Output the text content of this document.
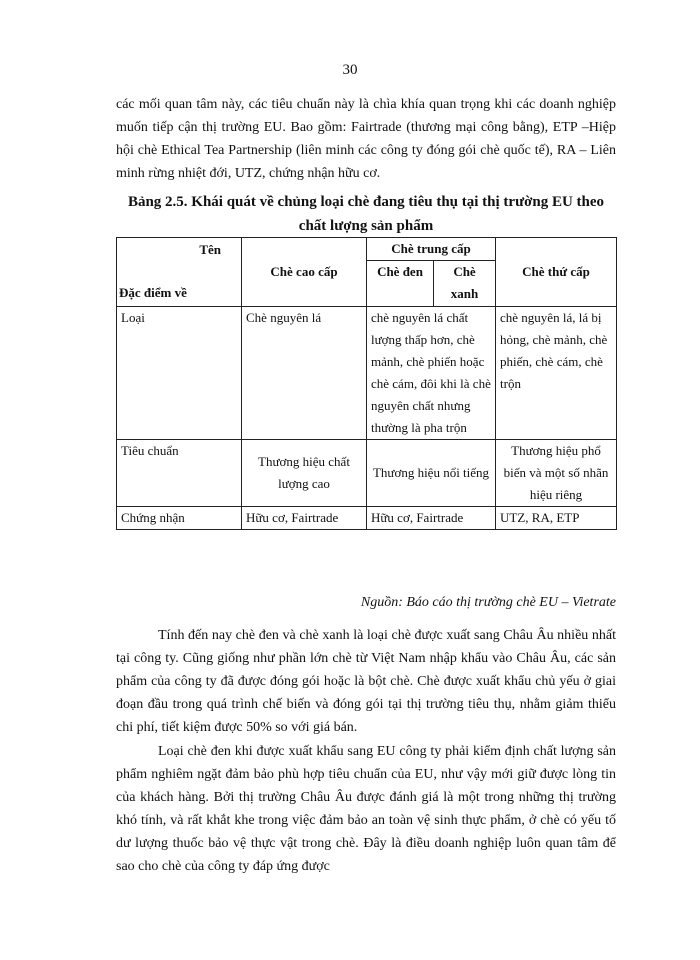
30

các mối quan tâm này, các tiêu chuẩn này là chìa khía quan trọng khi các doanh nghiệp muốn tiếp cận thị trường EU. Bao gồm: Fairtrade (thương mại công bằng), ETP –Hiệp hội chè Ethical Tea Partnership (liên minh các công ty đóng gói chè quốc tế), RA – Liên minh rừng nhiệt đới, UTZ, chứng nhận hữu cơ.

Bảng 2.5. Khái quát về chủng loại chè đang tiêu thụ tại thị trường EU theo chất lượng sản phẩm

Tên
Đặc điểm về	Chè cao cấp	Chè trung cấp		Chè thứ cấp
		Chè đen	Chè xanh	
Loại	Chè nguyên lá	chè nguyên lá chất lượng thấp hơn, chè mảnh, chè phiến hoặc chè cám, đôi khi là chè nguyên chất nhưng thường là pha trộn		chè nguyên lá, lá bị hỏng, chè mảnh, chè phiến, chè cám, chè trộn
Tiêu chuẩn	Thương hiệu chất lượng cao	Thương hiệu nổi tiếng		Thương hiệu phổ biến và một số nhãn hiệu riêng
Chứng nhận	Hữu cơ, Fairtrade	Hữu cơ, Fairtrade		UTZ, RA, ETP

Nguồn: Báo cáo thị trường chè EU – Vietrate

Tính đến nay chè đen và chè xanh là loại chè được xuất sang Châu Âu nhiều nhất tại công ty. Cũng giống như phần lớn chè từ Việt Nam nhập khẩu vào Châu Âu, các sản phẩm của công ty đã được đóng gói hoặc là bột chè. Chè được xuất khẩu chủ yếu ở giai đoạn đầu trong quá trình chế biến và đóng gói tại thị trường tiêu thụ, nhằm giảm thiểu chi phí, tiết kiệm được 50% so với giá bán.

Loại chè đen khi được xuất khẩu sang EU công ty phải kiểm định chất lượng sản phẩm nghiêm ngặt đảm bảo phù hợp tiêu chuẩn của EU, như vậy mới giữ được lòng tin của khách hàng. Bởi thị trường Châu Âu được đánh giá là một trong những thị trường khó tính, và rất khắt khe trong việc đảm bảo an toàn vệ sinh thực phẩm, ở chè có yếu tố dư lượng thuốc bảo vệ thực vật trong chè. Đây là điều doanh nghiệp luôn quan tâm để sao cho chè của công ty đáp ứng được
